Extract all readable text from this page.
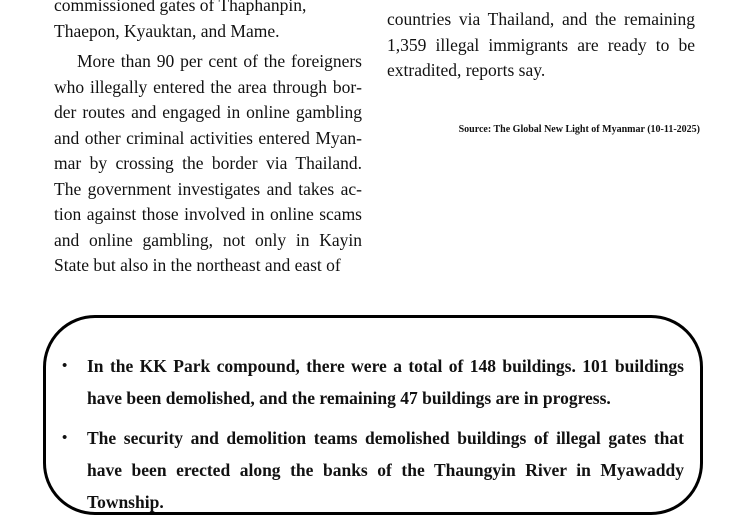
commissioned gates of Thaphanpin,
Thaepon, Kyauktan, and Mame.

More than 90 per cent of the foreigners who illegally entered the area through border routes and engaged in online gambling and other criminal activities entered Myanmar by crossing the border via Thailand. The government investigates and takes action against those involved in online scams and online gambling, not only in Kayin State but also in the northeast and east of

countries via Thailand, and the remaining 1,359 illegal immigrants are ready to be extradited, reports say.

Source: The Global New Light of Myanmar (10-11-2025)
• In the KK Park compound, there were a total of 148 buildings. 101 buildings have been demolished, and the remaining 47 buildings are in progress.
• The security and demolition teams demolished buildings of illegal gates that have been erected along the banks of the Thaungyin River in Myawaddy Township.
